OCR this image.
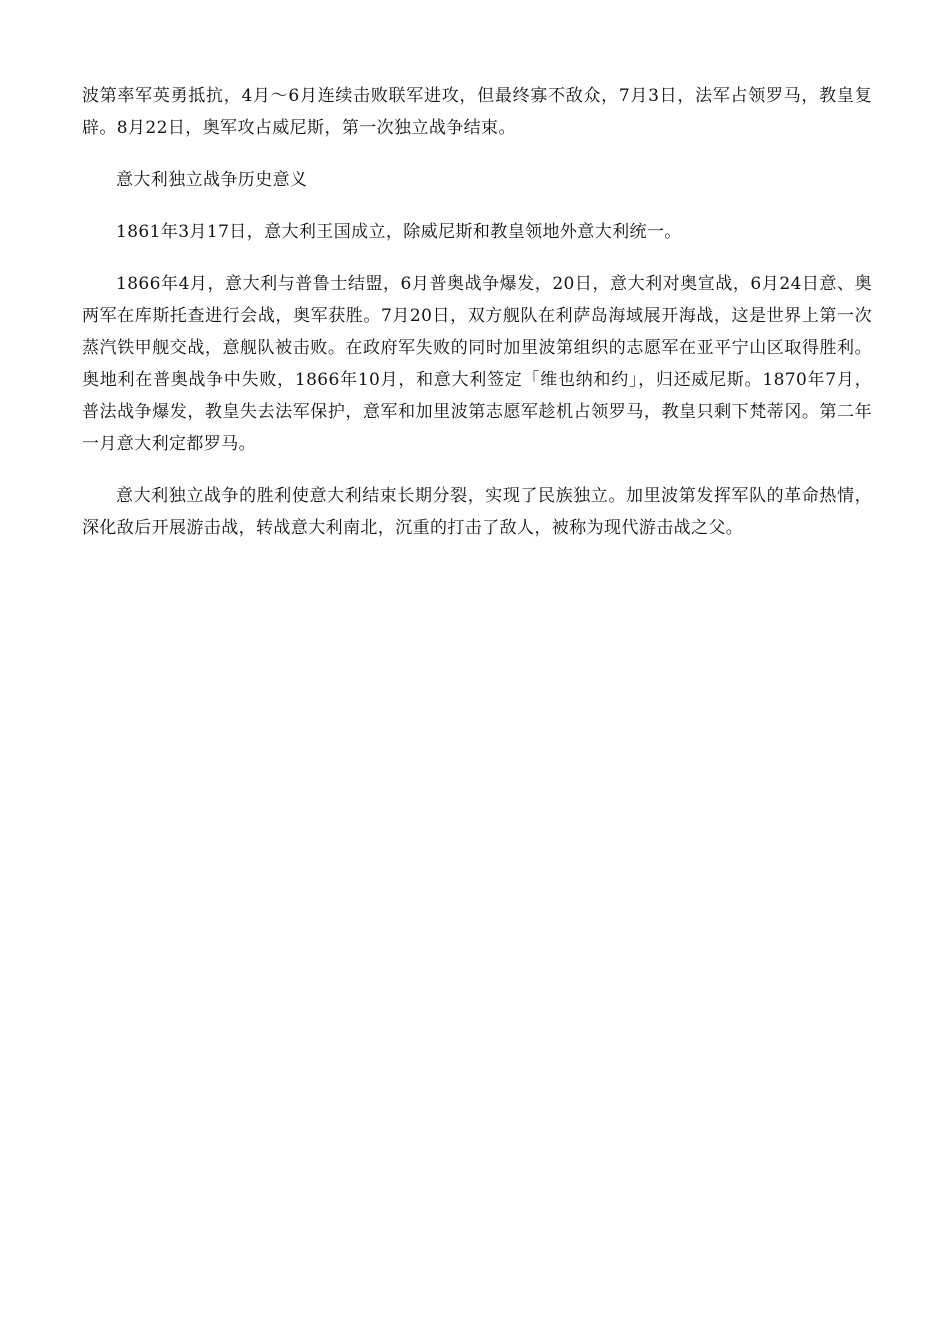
波第率军英勇抵抗，4月～6月连续击败联军进攻，但最终寡不敌众，7月3日，法军占领罗马，教皇复辟。8月22日，奥军攻占威尼斯，第一次独立战争结束。

意大利独立战争历史意义

1861年3月17日，意大利王国成立，除威尼斯和教皇领地外意大利统一。

1866年4月，意大利与普鲁士结盟，6月普奥战争爆发，20日，意大利对奥宣战，6月24日意、奥两军在库斯托查进行会战，奥军获胜。7月20日，双方舰队在利萨岛海域展开海战，这是世界上第一次蒸汽铁甲舰交战，意舰队被击败。在政府军失败的同时加里波第组织的志愿军在亚平宁山区取得胜利。奥地利在普奥战争中失败，1866年10月，和意大利签定「维也纳和约」，归还威尼斯。1870年7月，普法战争爆发，教皇失去法军保护，意军和加里波第志愿军趁机占领罗马，教皇只剩下梵蒂冈。第二年一月意大利定都罗马。

意大利独立战争的胜利使意大利结束长期分裂，实现了民族独立。加里波第发挥军队的革命热情，深化敌后开展游击战，转战意大利南北，沉重的打击了敌人，被称为现代游击战之父。
